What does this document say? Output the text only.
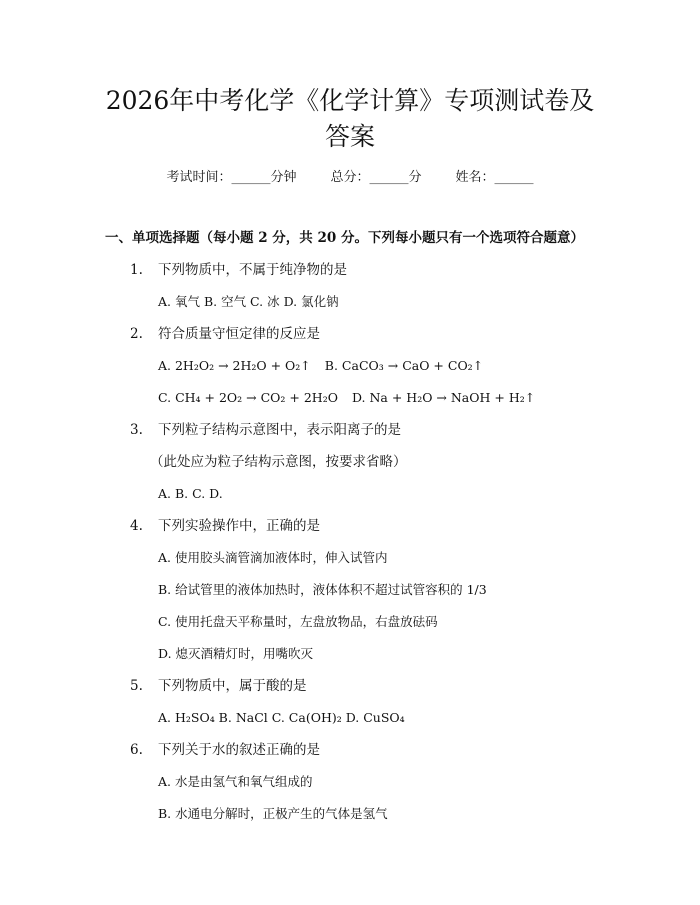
2026年中考化学《化学计算》专项测试卷及
答案
考试时间：______分钟	总分：______分	姓名：______
一、单项选择题（每小题 2 分，共 20 分。下列每小题只有一个选项符合题意）
1. 下列物质中，不属于纯净物的是
A. 氧气 B. 空气 C. 冰 D. 氯化钠
2. 符合质量守恒定律的反应是
A. 2H₂O₂ → 2H₂O + O₂↑ B. CaCO₃ → CaO + CO₂↑
C. CH₄ + 2O₂ → CO₂ + 2H₂O D. Na + H₂O → NaOH + H₂↑
3. 下列粒子结构示意图中，表示阳离子的是
（此处应为粒子结构示意图，按要求省略）
A. B. C. D.
4. 下列实验操作中，正确的是
A. 使用胶头滴管滴加液体时，伸入试管内
B. 给试管里的液体加热时，液体体积不超过试管容积的 1/3
C. 使用托盘天平称量时，左盘放物品，右盘放砝码
D. 熄灭酒精灯时，用嘴吹灭
5. 下列物质中，属于酸的是
A. H₂SO₄ B. NaCl C. Ca(OH)₂ D. CuSO₄
6. 下列关于水的叙述正确的是
A. 水是由氢气和氧气组成的
B. 水通电分解时，正极产生的气体是氢气
